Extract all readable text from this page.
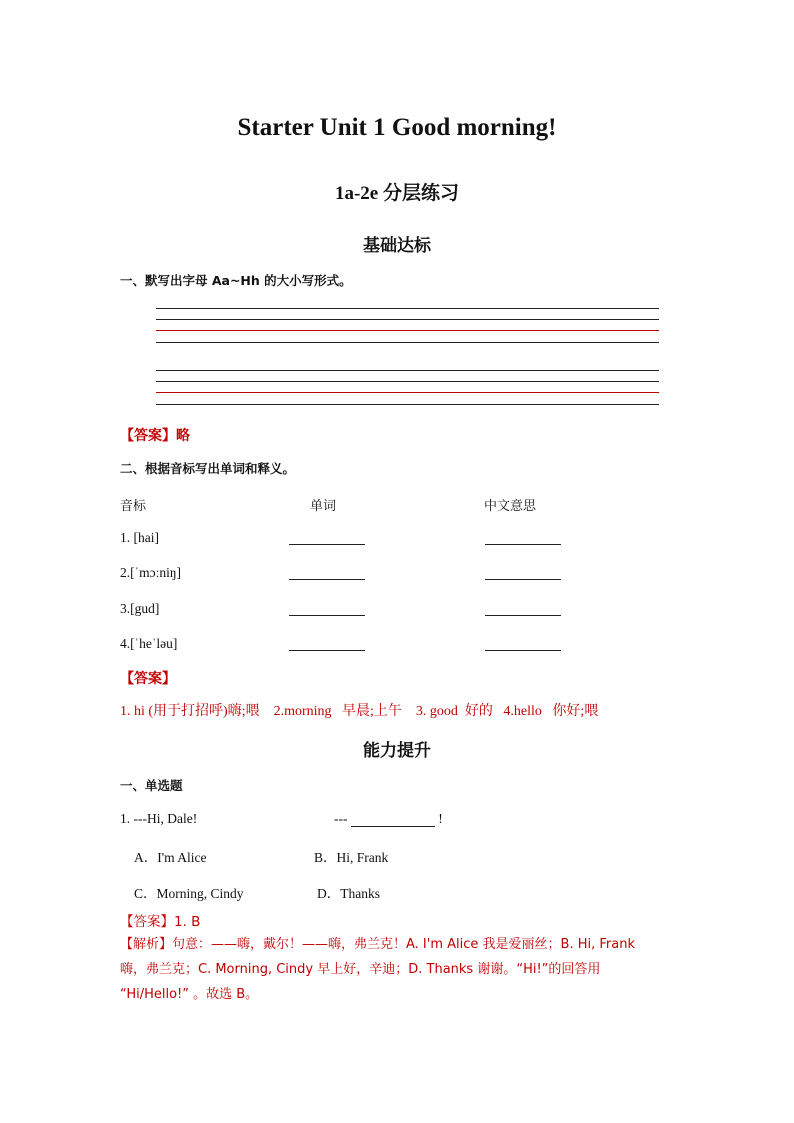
Starter Unit 1 Good morning!
1a-2e 分层练习
基础达标
一、默写出字母 Aa~Hh 的大小写形式。
【答案】略
二、根据音标写出单词和释义。
音标	单词	中文意思
1. [hai]
2.[ˈmɔːniŋ]
3.[gud]
4.[ˈheˈləu]
【答案】
1. hi (用于打招呼)嗨;喂    2.morning   早晨;上午    3. good  好的   4.hello   你好;喂
能力提升
一、单选题
1. ---Hi, Dale!	---	!
A．I'm Alice	B．Hi, Frank
C．Morning, Cindy	D．Thanks
【答案】1. B
【解析】句意：——嗨，戴尔！——嗨，弗兰克！A. I'm Alice 我是爱丽丝；B. Hi, Frank
嗨，弗兰克；C. Morning, Cindy 早上好，辛迪；D. Thanks 谢谢。“Hi!”的回答用
“Hi/Hello!” 。故选 B。
